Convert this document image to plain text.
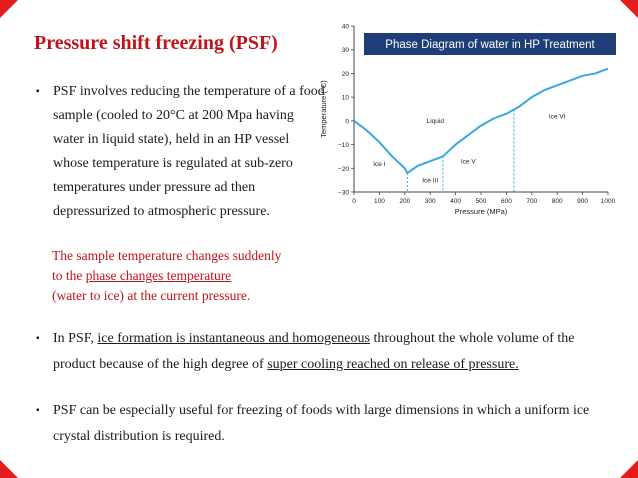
Pressure shift freezing (PSF)
▪ PSF involves reducing the temperature of a food sample (cooled to 20°C at 200 Mpa having water in liquid state), held in an HP vessel whose temperature is regulated at sub-zero temperatures under pressure ad then depressurized to atmospheric pressure.
The sample temperature changes suddenly
to the phase changes temperature
(water to ice) at the current pressure.
▪ In PSF, ice formation is instantaneous and homogeneous throughout the whole volume of the product because of the high degree of super cooling reached on release of pressure.
▪ PSF can be especially useful for freezing of foods with large dimensions in which a uniform ice crystal distribution is required.
0	100 200 300 400 500 600 700 800 900 1000
40
30
20
10
0
−10
−20
−30
Liquid
Ice I
Ice III
Ice V
Ice VI
Temperature (°C)
Pressure (MPa)
Phase Diagram of water in HP Treatment
